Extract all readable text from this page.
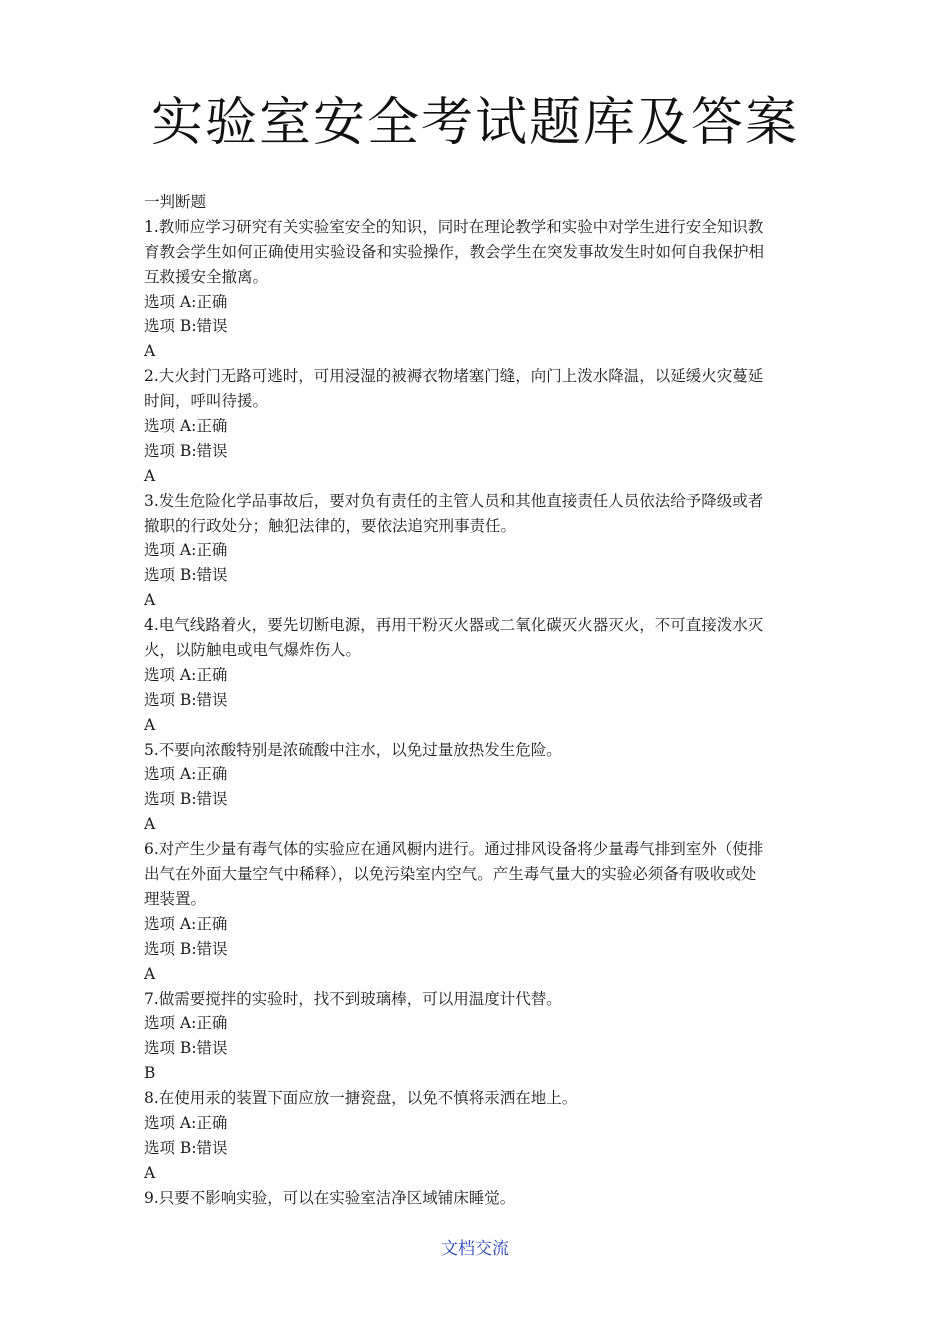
实验室安全考试题库及答案
一判断题
1.教师应学习研究有关实验室安全的知识，同时在理论教学和实验中对学生进行安全知识教
育教会学生如何正确使用实验设备和实验操作，教会学生在突发事故发生时如何自我保护相
互救援安全撤离。
选项 A:正确
选项 B:错误
A
2.大火封门无路可逃时，可用浸湿的被褥衣物堵塞门缝，向门上泼水降温，以延缓火灾蔓延
时间，呼叫待援。
选项 A:正确
选项 B:错误
A
3.发生危险化学品事故后，要对负有责任的主管人员和其他直接责任人员依法给予降级或者
撤职的行政处分；触犯法律的，要依法追究刑事责任。
选项 A:正确
选项 B:错误
A
4.电气线路着火，要先切断电源，再用干粉灭火器或二氧化碳灭火器灭火，不可直接泼水灭
火，以防触电或电气爆炸伤人。
选项 A:正确
选项 B:错误
A
5.不要向浓酸特别是浓硫酸中注水，以免过量放热发生危险。
选项 A:正确
选项 B:错误
A
6.对产生少量有毒气体的实验应在通风橱内进行。通过排风设备将少量毒气排到室外（使排
出气在外面大量空气中稀释），以免污染室内空气。产生毒气量大的实验必须备有吸收或处
理装置。
选项 A:正确
选项 B:错误
A
7.做需要搅拌的实验时，找不到玻璃棒，可以用温度计代替。
选项 A:正确
选项 B:错误
B
8.在使用汞的装置下面应放一搪瓷盘，以免不慎将汞洒在地上。
选项 A:正确
选项 B:错误
A
9.只要不影响实验，可以在实验室洁净区域铺床睡觉。
文档交流
